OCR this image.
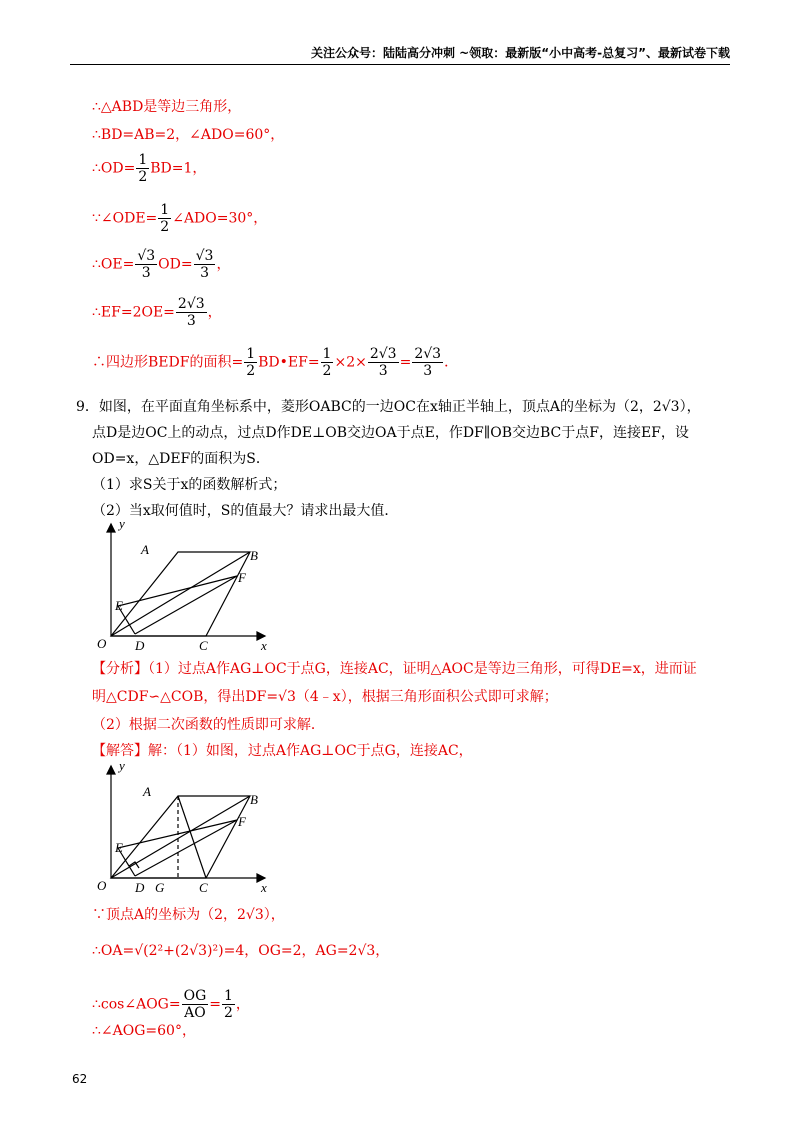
关注公众号：陆陆高分冲刺 ~领取：最新版“小中高考-总复习”、最新试卷下载
∴△ABD是等边三角形，
∴BD=AB=2，∠ADO=60°，
∴OD= $\frac{1}{2} BD=1$，
∵∠ODE= $\frac{1}{2}$ ∠ADO=30°，
∴OE= $\frac{√3}{3} OD= \frac{√3}{3}$ ，
∴EF=2OE= $\frac{2√3}{3}$ ，
∴四边形BEDF的面积= $\frac{1}{2}$ BD•EF= $\frac{1}{2} \times 2\times \frac{2√3}{3} = \frac{2√3}{3}$ ．
9．如图，在平面直角坐标系中，菱形OABC的一边OC在x轴正半轴上，顶点A的坐标为（2，2√3），
点D是边OC上的动点，过点D作DE⊥OB交边OA于点E，作DF∥OB交边BC于点F，连接EF，设
OD=x，△DEF的面积为S．
（1）求S关于x的函数解析式；
（2）当x取何值时，S的值最大？请求出最大值．
y
x
O
A	B
C
D
E
F
【分析】（1）过点A作AG⊥OC于点G，连接AC，证明△AOC是等边三角形，可得DE=x，进而证
明△CDF∽△COB，得出DF=√3（4﹣x），根据三角形面积公式即可求解；
（2）根据二次函数的性质即可求解．
【解答】解：（1）如图，过点A作AG⊥OC于点G，连接AC，
y
x
O
A
B
C
D G
E
F
∵顶点A的坐标为（2，2√3），
∴OA=√(2²+(2√3)²)=4，OG=2，AG=2√3，
∴cos∠AOG= $\frac{OG}{AO} = \frac{1}{2}$ ，
∴∠AOG=60°，
62
